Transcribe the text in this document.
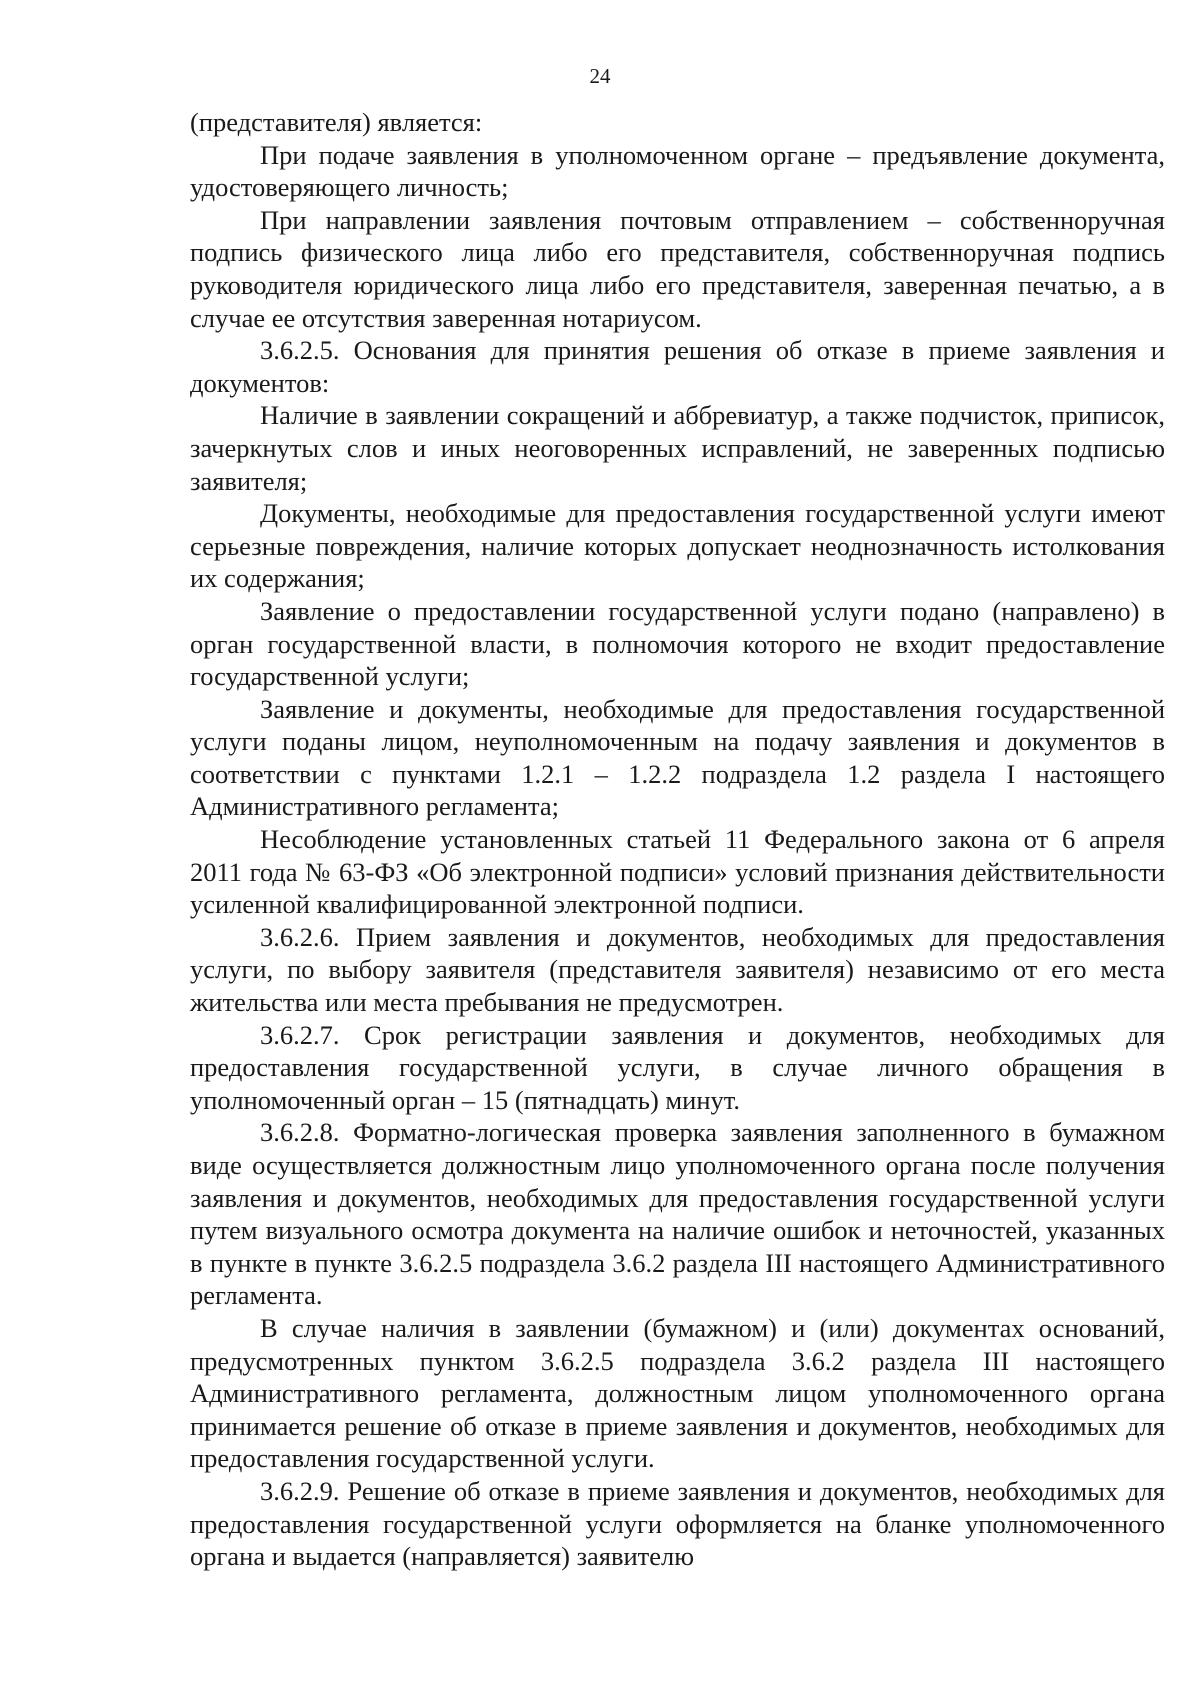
24

(представителя) является:

При подаче заявления в уполномоченном органе – предъявление документа, удостоверяющего личность;

При направлении заявления почтовым отправлением – собственноручная подпись физического лица либо его представителя, собственноручная подпись руководителя юридического лица либо его представителя, заверенная печатью, а в случае ее отсутствия заверенная нотариусом.

3.6.2.5. Основания для принятия решения об отказе в приеме заявления и документов:

Наличие в заявлении сокращений и аббревиатур, а также подчисток, приписок, зачеркнутых слов и иных неоговоренных исправлений, не заверенных подписью заявителя;

Документы, необходимые для предоставления государственной услуги имеют серьезные повреждения, наличие которых допускает неоднозначность истолкования их содержания;

Заявление о предоставлении государственной услуги подано (направлено) в орган государственной власти, в полномочия которого не входит предоставление государственной услуги;

Заявление и документы, необходимые для предоставления государственной услуги поданы лицом, неуполномоченным на подачу заявления и документов в соответствии с пунктами 1.2.1 – 1.2.2 подраздела 1.2 раздела I настоящего Административного регламента;

Несоблюдение установленных статьей 11 Федерального закона от 6 апреля 2011 года № 63-ФЗ «Об электронной подписи» условий признания действительности усиленной квалифицированной электронной подписи.

3.6.2.6. Прием заявления и документов, необходимых для предоставления услуги, по выбору заявителя (представителя заявителя) независимо от его места жительства или места пребывания не предусмотрен.

3.6.2.7. Срок регистрации заявления и документов, необходимых для предоставления государственной услуги, в случае личного обращения в уполномоченный орган – 15 (пятнадцать) минут.

3.6.2.8. Форматно-логическая проверка заявления заполненного в бумажном виде осуществляется должностным лицо уполномоченного органа после получения заявления и документов, необходимых для предоставления государственной услуги путем визуального осмотра документа на наличие ошибок и неточностей, указанных в пункте в пункте 3.6.2.5 подраздела 3.6.2 раздела III настоящего Административного регламента.

В случае наличия в заявлении (бумажном) и (или) документах оснований, предусмотренных пунктом 3.6.2.5 подраздела 3.6.2 раздела III настоящего Административного регламента, должностным лицом уполномоченного органа принимается решение об отказе в приеме заявления и документов, необходимых для предоставления государственной услуги.

3.6.2.9. Решение об отказе в приеме заявления и документов, необходимых для предоставления государственной услуги оформляется на бланке уполномоченного органа и выдается (направляется) заявителю
